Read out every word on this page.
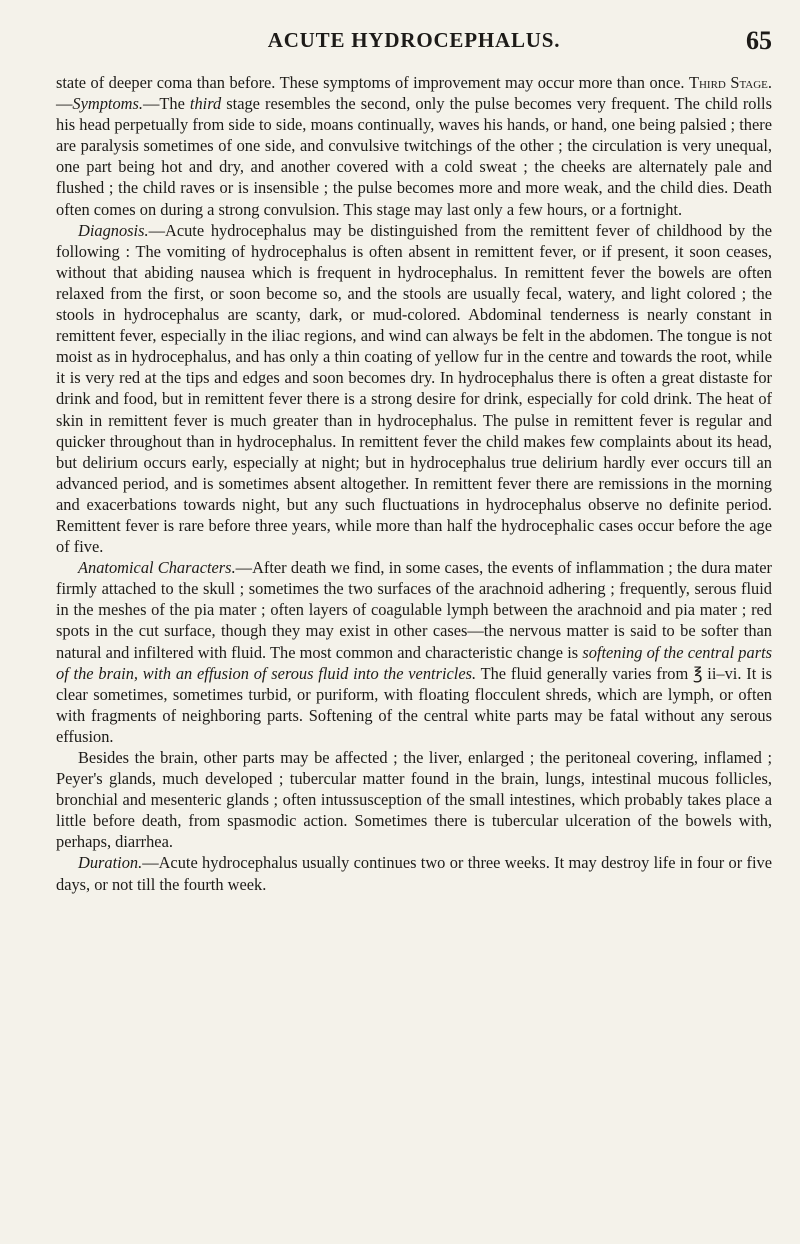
ACUTE HYDROCEPHALUS.	65

state of deeper coma than before. These symptoms of improvement may occur more than once. Third Stage.—Symptoms.—The third stage resembles the second, only the pulse becomes very frequent. The child rolls his head perpetually from side to side, moans continually, waves his hands, or hand, one being palsied ; there are paralysis sometimes of one side, and convulsive twitchings of the other ; the circulation is very unequal, one part being hot and dry, and another covered with a cold sweat ; the cheeks are alternately pale and flushed ; the child raves or is insensible ; the pulse becomes more and more weak, and the child dies. Death often comes on during a strong convulsion. This stage may last only a few hours, or a fortnight.

Diagnosis.—Acute hydrocephalus may be distinguished from the remittent fever of childhood by the following : The vomiting of hydrocephalus is often absent in remittent fever, or if present, it soon ceases, without that abiding nausea which is frequent in hydrocephalus. In remittent fever the bowels are often relaxed from the first, or soon become so, and the stools are usually fecal, watery, and light colored ; the stools in hydrocephalus are scanty, dark, or mud-colored. Abdominal tenderness is nearly constant in remittent fever, especially in the iliac regions, and wind can always be felt in the abdomen. The tongue is not moist as in hydrocephalus, and has only a thin coating of yellow fur in the centre and towards the root, while it is very red at the tips and edges and soon becomes dry. In hydrocephalus there is often a great distaste for drink and food, but in remittent fever there is a strong desire for drink, especially for cold drink. The heat of skin in remittent fever is much greater than in hydrocephalus. The pulse in remittent fever is regular and quicker throughout than in hydrocephalus. In remittent fever the child makes few complaints about its head, but delirium occurs early, especially at night; but in hydrocephalus true delirium hardly ever occurs till an advanced period, and is sometimes absent altogether. In remittent fever there are remissions in the morning and exacerbations towards night, but any such fluctuations in hydrocephalus observe no definite period. Remittent fever is rare before three years, while more than half the hydrocephalic cases occur before the age of five.

Anatomical Characters.—After death we find, in some cases, the events of inflammation ; the dura mater firmly attached to the skull ; sometimes the two surfaces of the arachnoid adhering ; frequently, serous fluid in the meshes of the pia mater ; often layers of coagulable lymph between the arachnoid and pia mater ; red spots in the cut surface, though they may exist in other cases—the nervous matter is said to be softer than natural and infiltered with fluid. The most common and characteristic change is softening of the central parts of the brain, with an effusion of serous fluid into the ventricles. The fluid generally varies from ℥ ii–vi. It is clear sometimes, sometimes turbid, or puriform, with floating flocculent shreds, which are lymph, or often with fragments of neighboring parts. Softening of the central white parts may be fatal without any serous effusion.

Besides the brain, other parts may be affected ; the liver, enlarged ; the peritoneal covering, inflamed ; Peyer's glands, much developed ; tubercular matter found in the brain, lungs, intestinal mucous follicles, bronchial and mesenteric glands ; often intussusception of the small intestines, which probably takes place a little before death, from spasmodic action. Sometimes there is tubercular ulceration of the bowels with, perhaps, diarrhea.

Duration.—Acute hydrocephalus usually continues two or three weeks. It may destroy life in four or five days, or not till the fourth week.
